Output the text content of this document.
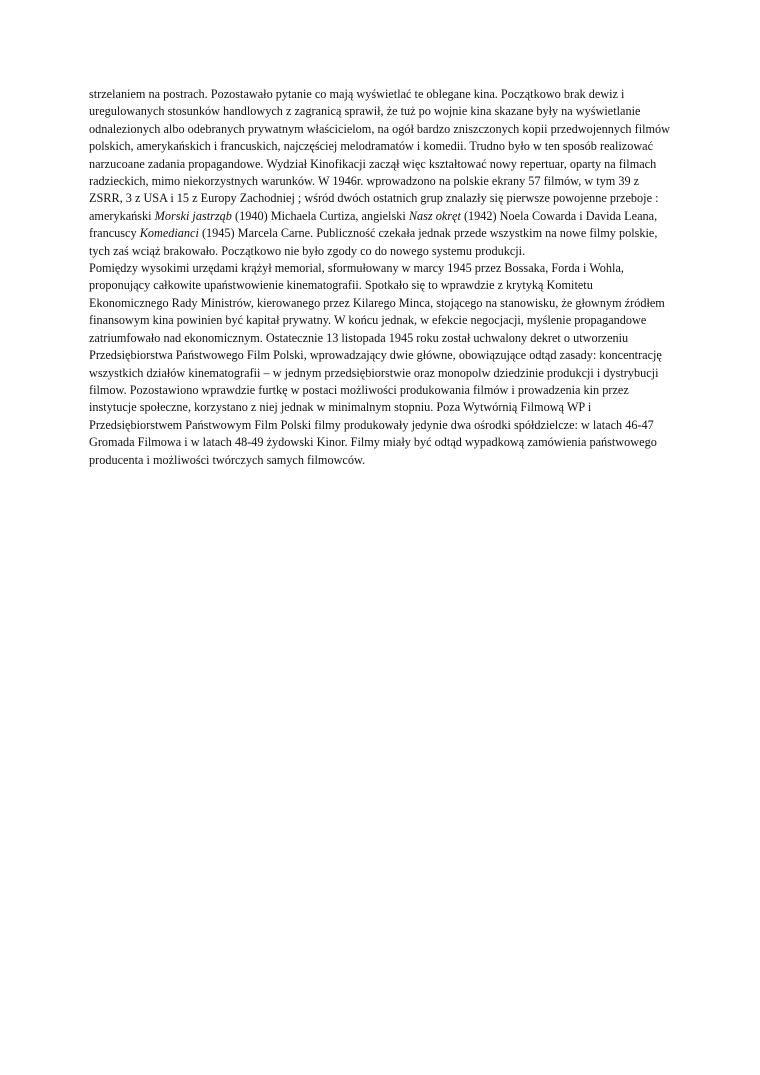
strzelaniem na postrach. Pozostawało pytanie co mają wyświetlać te oblegane kina. Początkowo brak dewiz i uregulowanych stosunków handlowych z zagranicą sprawił, że tuż po wojnie kina skazane były na wyświetlanie odnalezionych albo odebranych prywatnym właścicielom, na ogół bardzo zniszczonych kopii przedwojennych filmów polskich, amerykańskich i francuskich, najczęściej melodramatów i komedii. Trudno było w ten sposób realizować narzucoane zadania propagandowe. Wydział Kinofikacji zaczął więc kształtować nowy repertuar, oparty na filmach radzieckich, mimo niekorzystnych warunków. W 1946r. wprowadzono na polskie ekrany 57 filmów, w tym 39 z ZSRR, 3 z USA i 15 z Europy Zachodniej ; wśród dwóch ostatnich grup znalazły się pierwsze powojenne przeboje : amerykański Morski jastrząb (1940) Michaela Curtiza, angielski Nasz okręt (1942) Noela Cowarda i Davida Leana, francuscy Komedianci (1945) Marcela Carne. Publiczność czekała jednak przede wszystkim na nowe filmy polskie, tych zaś wciąż brakowało. Początkowo nie było zgody co do nowego systemu produkcji.

Pomiędzy wysokimi urzędami krążył memorial, sformułowany w marcy 1945 przez Bossaka, Forda i Wohla, proponujący całkowite upaństwowienie kinematografii. Spotkało się to wprawdzie z krytyką Komitetu Ekonomicznego Rady Ministrów, kierowanego przez Kilarego Minca, stojącego na stanowisku, że głownym źródłem finansowym kina powinien być kapitał prywatny. W końcu jednak, w efekcie negocjacji, myślenie propagandowe zatriumfowało nad ekonomicznym. Ostatecznie 13 listopada 1945 roku został uchwalony dekret o utworzeniu Przedsiębiorstwa Państwowego Film Polski, wprowadzający dwie główne, obowiązujące odtąd zasady: koncentrację wszystkich działów kinematografii – w jednym przedsiębiorstwie oraz monopolw dziedzinie produkcji i dystrybucji filmow. Pozostawiono wprawdzie furtkę w postaci możliwości produkowania filmów i prowadzenia kin przez instytucje społeczne, korzystano z niej jednak w minimalnym stopniu. Poza Wytwórnią Filmową WP i Przedsiębiorstwem Państwowym Film Polski filmy produkowały jedynie dwa ośrodki spółdzielcze: w latach 46-47 Gromada Filmowa i w latach 48-49 żydowski Kinor. Filmy miały być odtąd wypadkową zamówienia państwowego producenta i możliwości twórczych samych filmowców.
